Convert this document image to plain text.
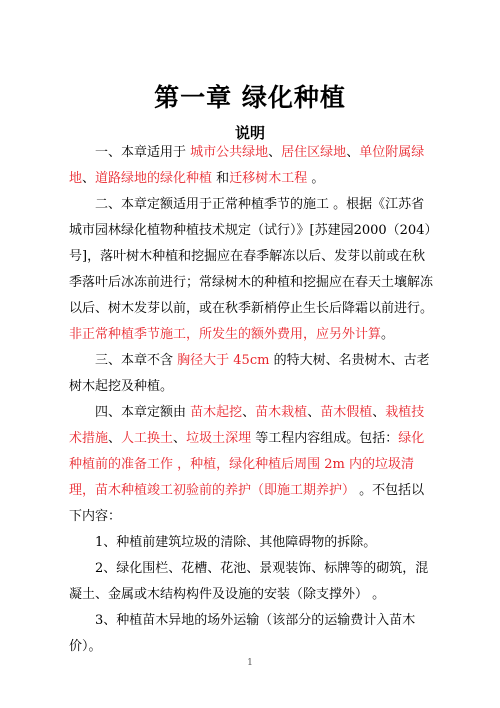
第一章 绿化种植
说明

一、本章适用于 城市公共绿地、居住区绿地、单位附属绿地、道路绿地的绿化种植 和迁移树木工程 。

二、本章定额适用于正常种植季节的施工 。根据《江苏省城市园林绿化植物种植技术规定（试行）》[苏建园2000（204）号]，落叶树木种植和挖掘应在春季解冻以后、发芽以前或在秋季落叶后冰冻前进行；常绿树木的种植和挖掘应在春天土壤解冻以后、树木发芽以前，或在秋季新梢停止生长后降霜以前进行。 非正常种植季节施工，所发生的额外费用，应另外计算。

三、本章不含 胸径大于 45cm 的特大树、名贵树木、古老树木起挖及种植。

四、本章定额由 苗木起挖、苗木栽植、苗木假植、栽植技术措施、人工换土、垃圾土深埋 等工程内容组成。包括：绿化种植前的准备工作 ，种植，绿化种植后周围 2m 内的垃圾清理，苗木种植竣工初验前的养护（即施工期养护） 。不包括以下内容：

1、种植前建筑垃圾的清除、其他障碍物的拆除。

2、绿化围栏、花槽、花池、景观装饰、标牌等的砌筑，混凝土、金属或木结构构件及设施的安装（除支撑外） 。

3、种植苗木异地的场外运输（该部分的运输费计入苗木价）。

1
